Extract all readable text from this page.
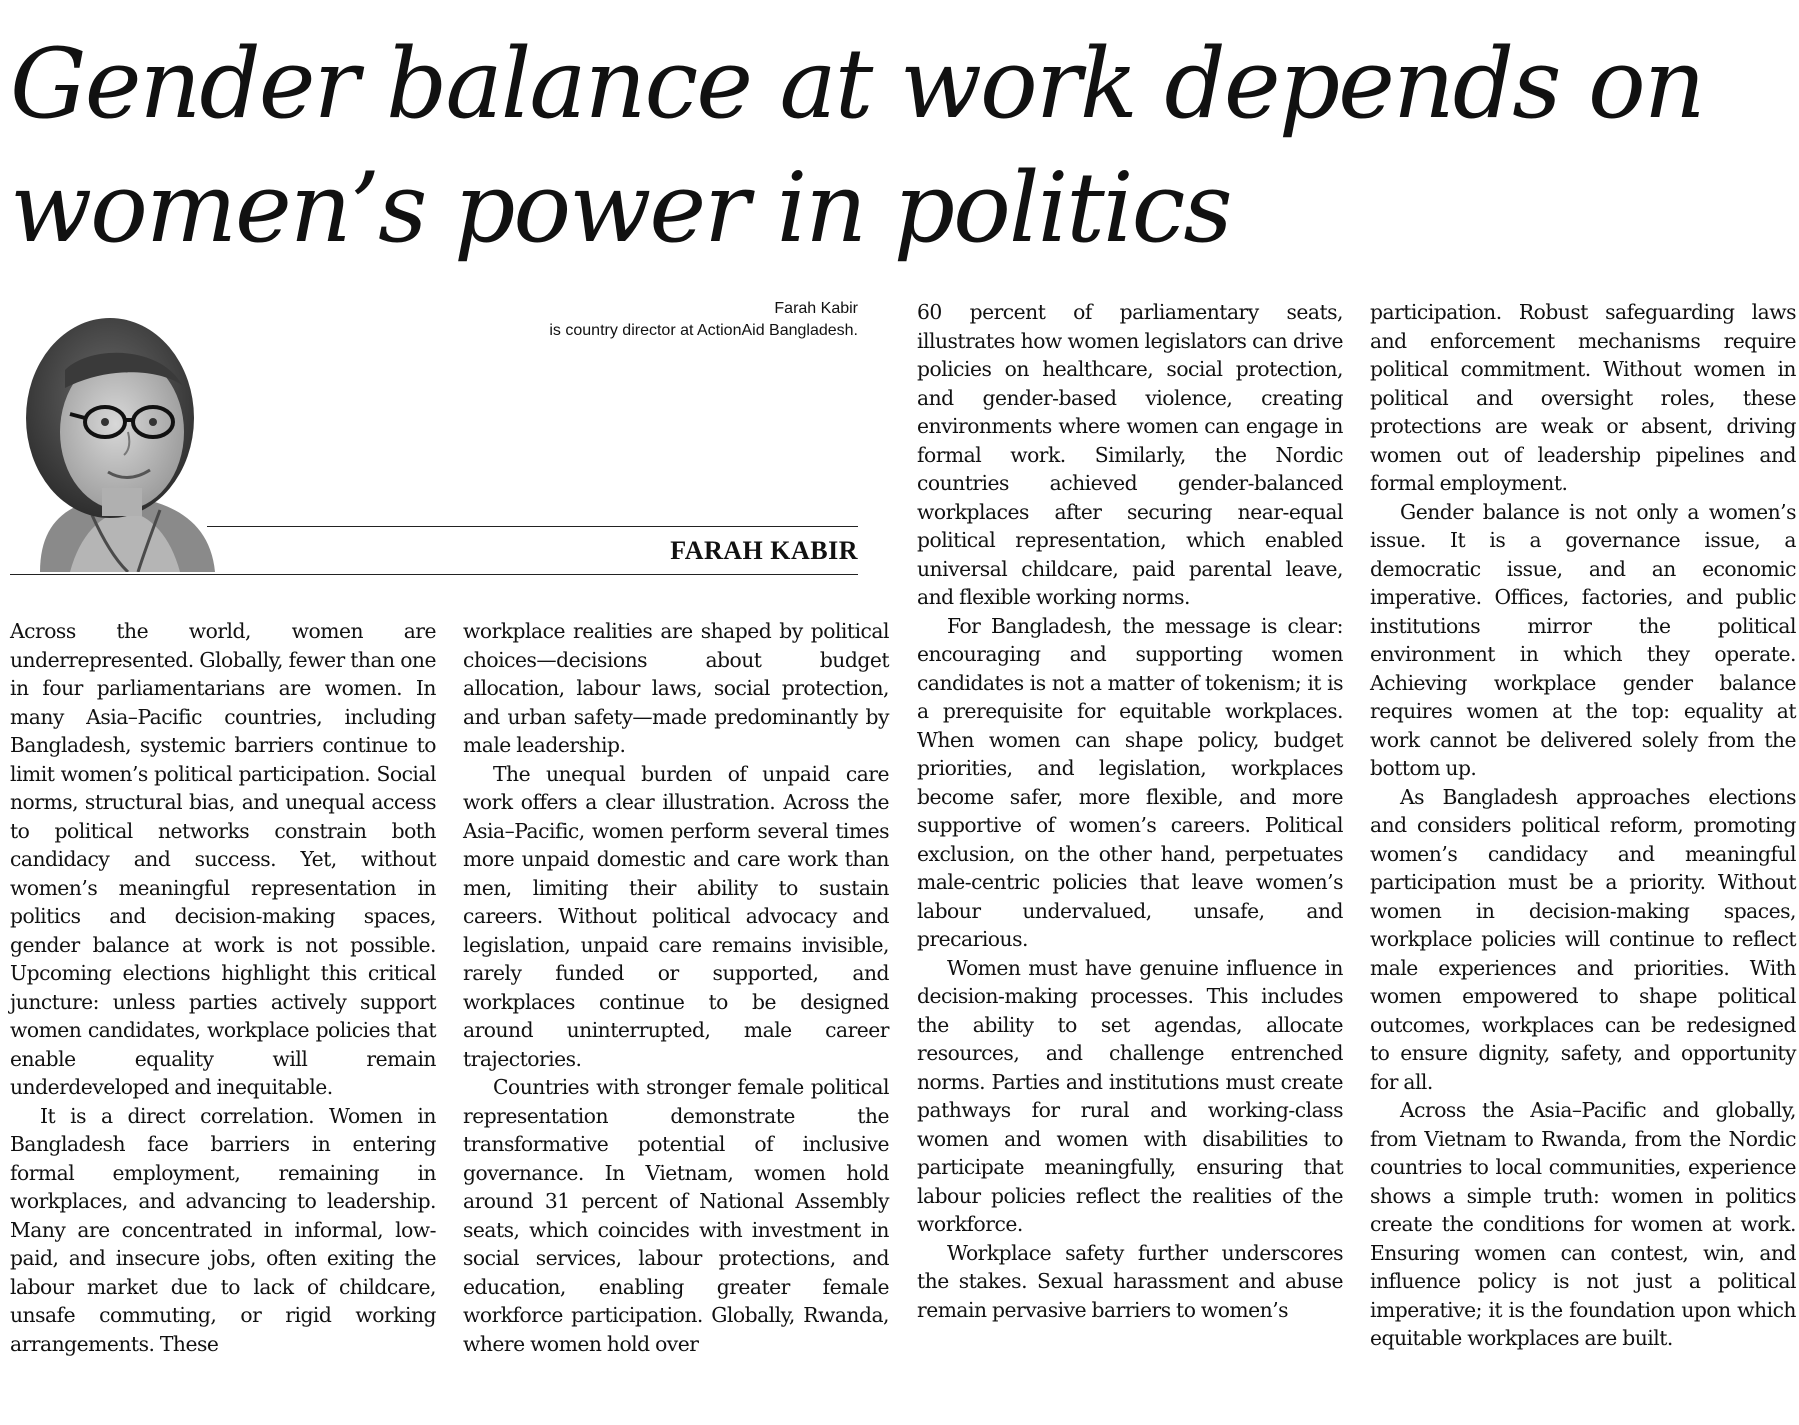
Gender balance at work depends on
women’s power in politics
Farah Kabir
is country director at ActionAid Bangladesh.
FARAH KABIR

Across the world, women are underrepresented. Globally, fewer than one in four parliamentarians are women. In many Asia–Pacific countries, including Bangladesh, systemic barriers continue to limit women’s political participation. Social norms, structural bias, and unequal access to political networks constrain both candidacy and success. Yet, without women’s meaningful representation in politics and decision-making spaces, gender balance at work is not possible. Upcoming elections highlight this critical juncture: unless parties actively support women candidates, workplace policies that enable equality will remain underdeveloped and inequitable.

It is a direct correlation. Women in Bangladesh face barriers in entering formal employment, remaining in workplaces, and advancing to leadership. Many are concentrated in informal, low-paid, and insecure jobs, often exiting the labour market due to lack of childcare, unsafe commuting, or rigid working arrangements. These

workplace realities are shaped by political choices—decisions about budget allocation, labour laws, social protection, and urban safety—made predominantly by male leadership.

The unequal burden of unpaid care work offers a clear illustration. Across the Asia–Pacific, women perform several times more unpaid domestic and care work than men, limiting their ability to sustain careers. Without political advocacy and legislation, unpaid care remains invisible, rarely funded or supported, and workplaces continue to be designed around uninterrupted, male career trajectories.

Countries with stronger female political representation demonstrate the transformative potential of inclusive governance. In Vietnam, women hold around 31 percent of National Assembly seats, which coincides with investment in social services, labour protections, and education, enabling greater female workforce participation. Globally, Rwanda, where women hold over

60 percent of parliamentary seats, illustrates how women legislators can drive policies on healthcare, social protection, and gender-based violence, creating environments where women can engage in formal work. Similarly, the Nordic countries achieved gender-balanced workplaces after securing near-equal political representation, which enabled universal childcare, paid parental leave, and flexible working norms.

For Bangladesh, the message is clear: encouraging and supporting women candidates is not a matter of tokenism; it is a prerequisite for equitable workplaces. When women can shape policy, budget priorities, and legislation, workplaces become safer, more flexible, and more supportive of women’s careers. Political exclusion, on the other hand, perpetuates male-centric policies that leave women’s labour undervalued, unsafe, and precarious.

Women must have genuine influence in decision-making processes. This includes the ability to set agendas, allocate resources, and challenge entrenched norms. Parties and institutions must create pathways for rural and working-class women and women with disabilities to participate meaningfully, ensuring that labour policies reflect the realities of the workforce.

Workplace safety further underscores the stakes. Sexual harassment and abuse remain pervasive barriers to women’s

participation. Robust safeguarding laws and enforcement mechanisms require political commitment. Without women in political and oversight roles, these protections are weak or absent, driving women out of leadership pipelines and formal employment.

Gender balance is not only a women’s issue. It is a governance issue, a democratic issue, and an economic imperative. Offices, factories, and public institutions mirror the political environment in which they operate. Achieving workplace gender balance requires women at the top: equality at work cannot be delivered solely from the bottom up.

As Bangladesh approaches elections and considers political reform, promoting women’s candidacy and meaningful participation must be a priority. Without women in decision-making spaces, workplace policies will continue to reflect male experiences and priorities. With women empowered to shape political outcomes, workplaces can be redesigned to ensure dignity, safety, and opportunity for all.

Across the Asia–Pacific and globally, from Vietnam to Rwanda, from the Nordic countries to local communities, experience shows a simple truth: women in politics create the conditions for women at work. Ensuring women can contest, win, and influence policy is not just a political imperative; it is the foundation upon which equitable workplaces are built.
